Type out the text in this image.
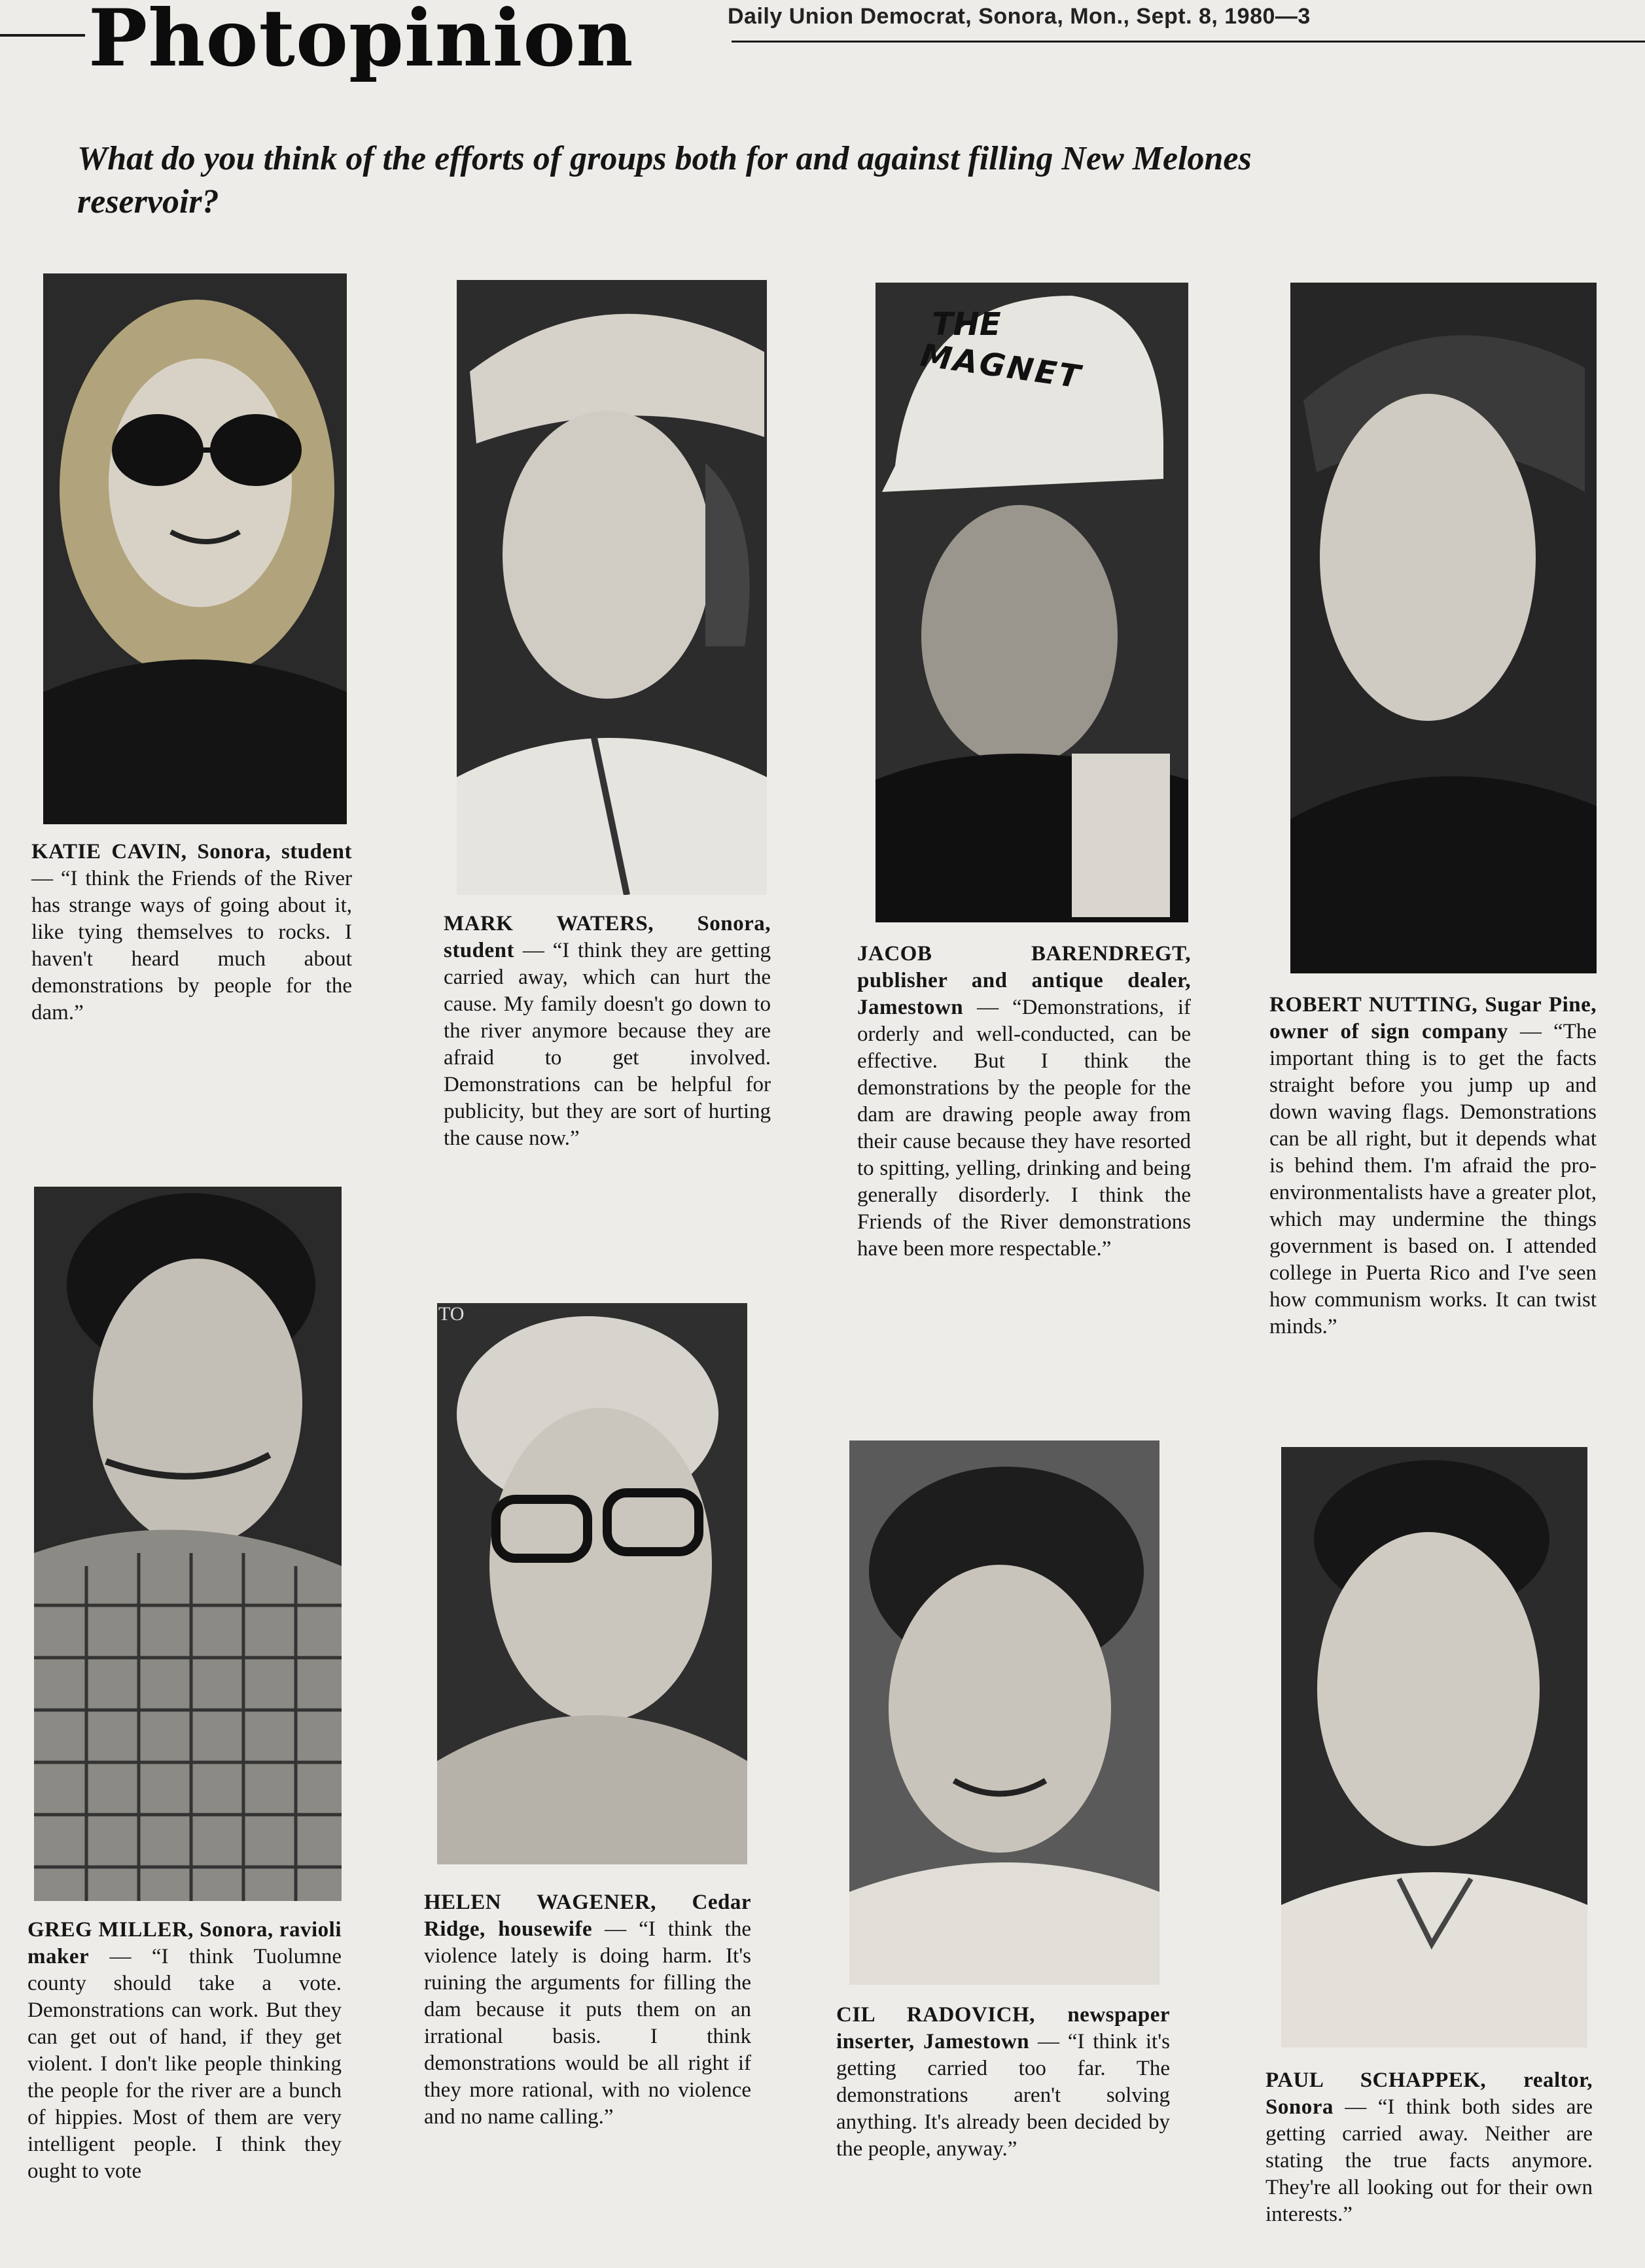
Photopinion	Daily Union Democrat, Sonora, Mon., Sept. 8, 1980—3
What do you think of the efforts of groups both for and against filling New Melones reservoir?
KATIE CAVIN, Sonora, student — “I think the Friends of the River has strange ways of going about it, like tying themselves to rocks. I haven't heard much about demonstrations by people for the dam.”
MARK WATERS, Sonora, student — “I think they are getting carried away, which can hurt the cause. My family doesn't go down to the river anymore because they are afraid to get involved. Demonstrations can be helpful for publicity, but they are sort of hurting the cause now.”
THE
MAGNET
JACOB BARENDREGT, publisher and antique dealer, Jamestown — “Demonstrations, if orderly and well-conducted, can be effective. But I think the demonstrations by the people for the dam are drawing people away from their cause because they have resorted to spitting, yelling, drinking and being generally disorderly. I think the Friends of the River demonstrations have been more respectable.”
ROBERT NUTTING, Sugar Pine, owner of sign company — “The important thing is to get the facts straight before you jump up and down waving flags. Demonstrations can be all right, but it depends what is behind them. I'm afraid the pro-environmentalists have a greater plot, which may undermine the things government is based on. I attended college in Puerta Rico and I've seen how communism works. It can twist minds.”
GREG MILLER, Sonora, ravioli maker — “I think Tuolumne county should take a vote. Demonstrations can work. But they can get out of hand, if they get violent. I don't like people thinking the people for the river are a bunch of hippies. Most of them are very intelligent people. I think they ought to vote
TO
HELEN WAGENER, Cedar Ridge, housewife — “I think the violence lately is doing harm. It's ruining the arguments for filling the dam because it puts them on an irrational basis. I think demonstrations would be all right if they more rational, with no violence and no name calling.”
CIL RADOVICH, newspaper inserter, Jamestown — “I think it's getting carried too far. The demonstrations aren't solving anything. It's already been decided by the people, anyway.”
PAUL SCHAPPEK, realtor, Sonora — “I think both sides are getting carried away. Neither are stating the true facts anymore. They're all looking out for their own interests.”
